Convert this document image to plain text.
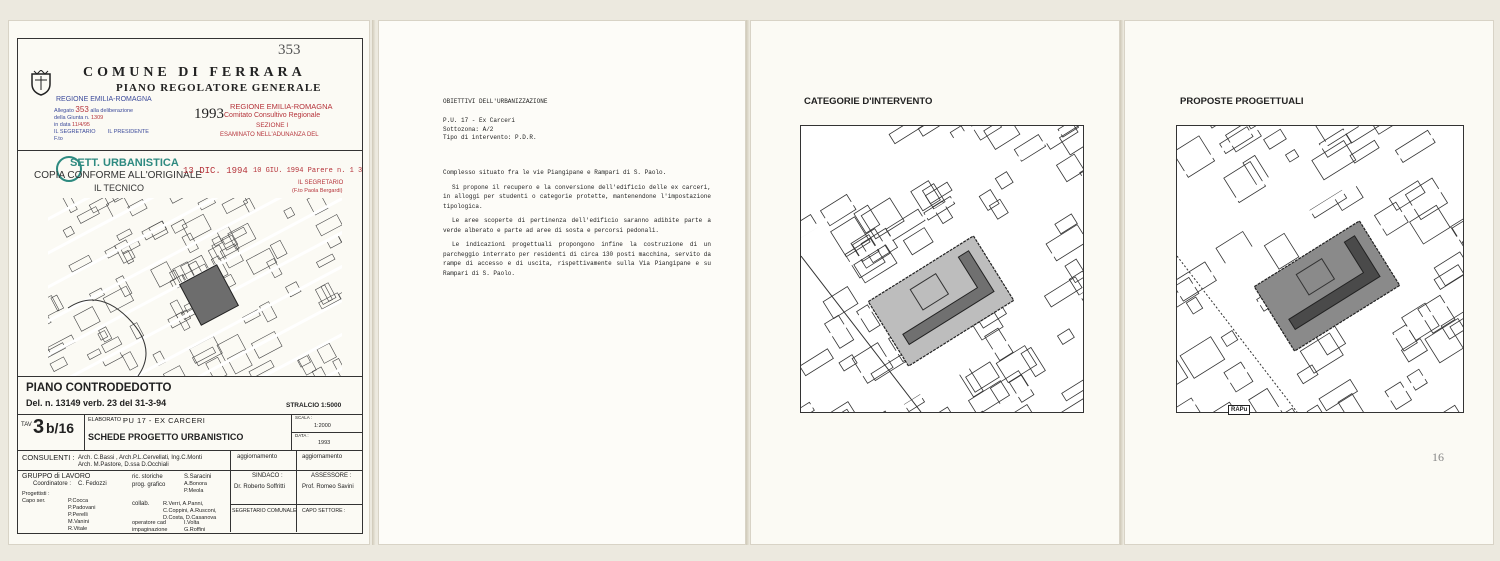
353
COMUNE DI FERRARA
PIANO REGOLATORE GENERALE
1993
REGIONE EMILIA-ROMAGNA
Allegato 353 alla deliberazione
della Giunta n. 1309
in data 11/4/95
IL SEGRETARIO IL PRESIDENTE
F.to
REGIONE EMILIA-ROMAGNA
Comitato Consultivo Regionale
SEZIONE I
ESAMINATO NELL'ADUNANZA DEL
SETT. URBANISTICA
COPIA CONFORME ALL'ORIGINALE
IL TECNICO
13 DIC. 1994 10 GIU. 1994 Parere n. 1 3
IL SEGRETARIO
(F.to Paola Bergardi)
PIANO CONTRODEDOTTO
Del. n. 13149 verb. 23 del 31-3-94	STRALCIO 1:5000
TAV 3 b/16	ELABORATO :
PU 17 - EX CARCERI
SCHEDE PROGETTO URBANISTICO
SCALA :
1:2000
DATA :
1993
CONSULENTI : Arch. C.Bassi , Arch.P.L.Cervellati, Ing.C.Monti
Arch. M.Pastore, D.ssa D.Occhiali
aggiornamento	aggiornamento
GRUPPO di LAVORO
Coordinatore : C. Fedozzi
ric. storiche	S.Saracini
prog. grafico	A.Bonora
P.Meola
Progettisti :
Capo ser.	P.Cocca
P.Padovani
P.Perelli
M.Vanini
R.Vitale
collab. R.Verri, A.Panni,
C.Coppini, A.Rusconi,
D.Costa, D.Casanova
operatore cad
impaginazione
I.Volta
G.Roffini
SINDACO :
Dr. Roberto Soffritti
ASSESSORE :
Prof. Romeo Savini
SEGRETARIO COMUNALE CAPO SETTORE :
OBIETTIVI DELL'URBANIZZAZIONE
P.U. 17 - Ex Carceri
Sottozona: A/2
Tipo di intervento: P.D.R.

Complesso situato fra le vie Piangipane e Rampari di S. Paolo.

Si propone il recupero e la conversione dell'edificio delle ex carceri, in alloggi per studenti o categorie protette, mantenendone l'impostazione tipologica.

Le aree scoperte di pertinenza dell'edificio saranno adibite parte a verde alberato e parte ad aree di sosta e percorsi pedonali.

Le indicazioni progettuali propongono infine la costruzione di un parcheggio interrato per residenti di circa 130 posti macchina, servito da rampe di accesso e di uscita, rispettivamente sulla Via Piangipane e su Rampari di S. Paolo.

CATEGORIE D'INTERVENTO	PROPOSTE PROGETTUALI
RAPu
16
